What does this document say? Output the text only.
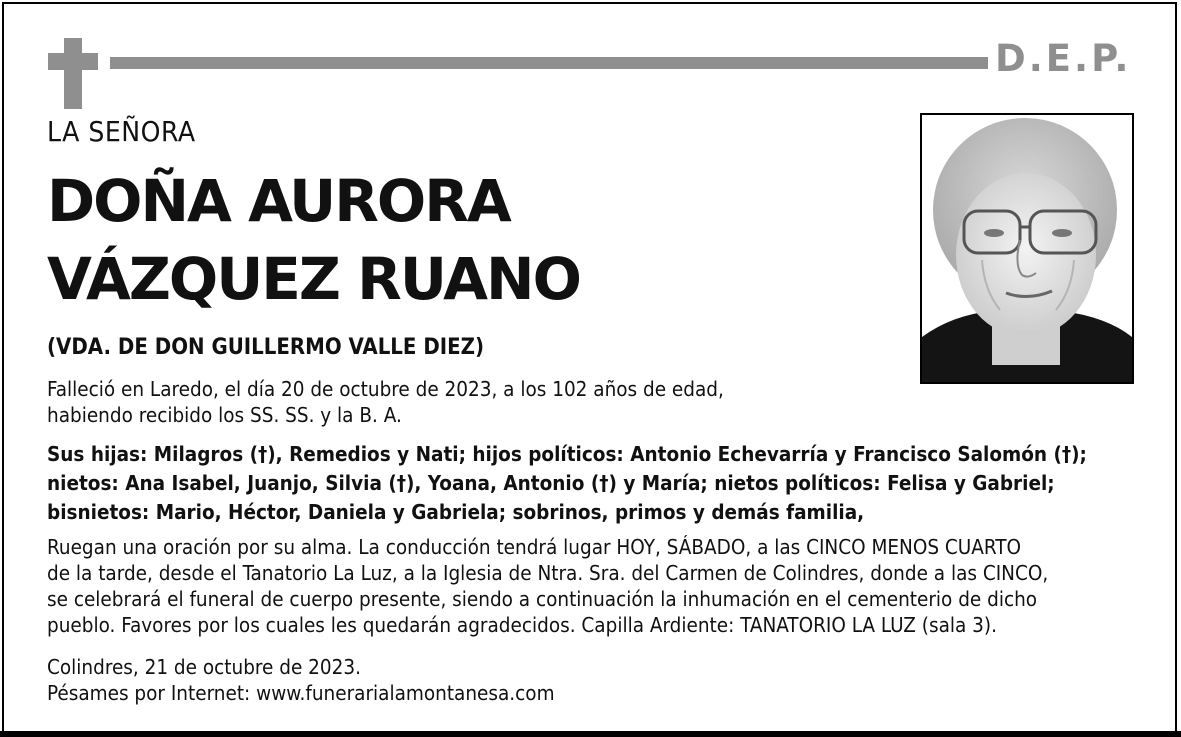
D.E.P.
LA SEÑORA
DOÑA AURORA
VÁZQUEZ RUANO
(VDA. DE DON GUILLERMO VALLE DIEZ)
Falleció en Laredo, el día 20 de octubre de 2023, a los 102 años de edad,
habiendo recibido los SS. SS. y la B. A.
Sus hijas: Milagros (†), Remedios y Nati; hijos políticos: Antonio Echevarría y Francisco Salomón (†);
nietos: Ana Isabel, Juanjo, Silvia (†), Yoana, Antonio (†) y María; nietos políticos: Felisa y Gabriel;
bisnietos: Mario, Héctor, Daniela y Gabriela; sobrinos, primos y demás familia,
Ruegan una oración por su alma. La conducción tendrá lugar HOY, SÁBADO, a las CINCO MENOS CUARTO
de la tarde, desde el Tanatorio La Luz, a la Iglesia de Ntra. Sra. del Carmen de Colindres, donde a las CINCO,
se celebrará el funeral de cuerpo presente, siendo a continuación la inhumación en el cementerio de dicho
pueblo. Favores por los cuales les quedarán agradecidos. Capilla Ardiente: TANATORIO LA LUZ (sala 3).
Colindres, 21 de octubre de 2023.
Pésames por Internet: www.funerarialamontanesa.com
